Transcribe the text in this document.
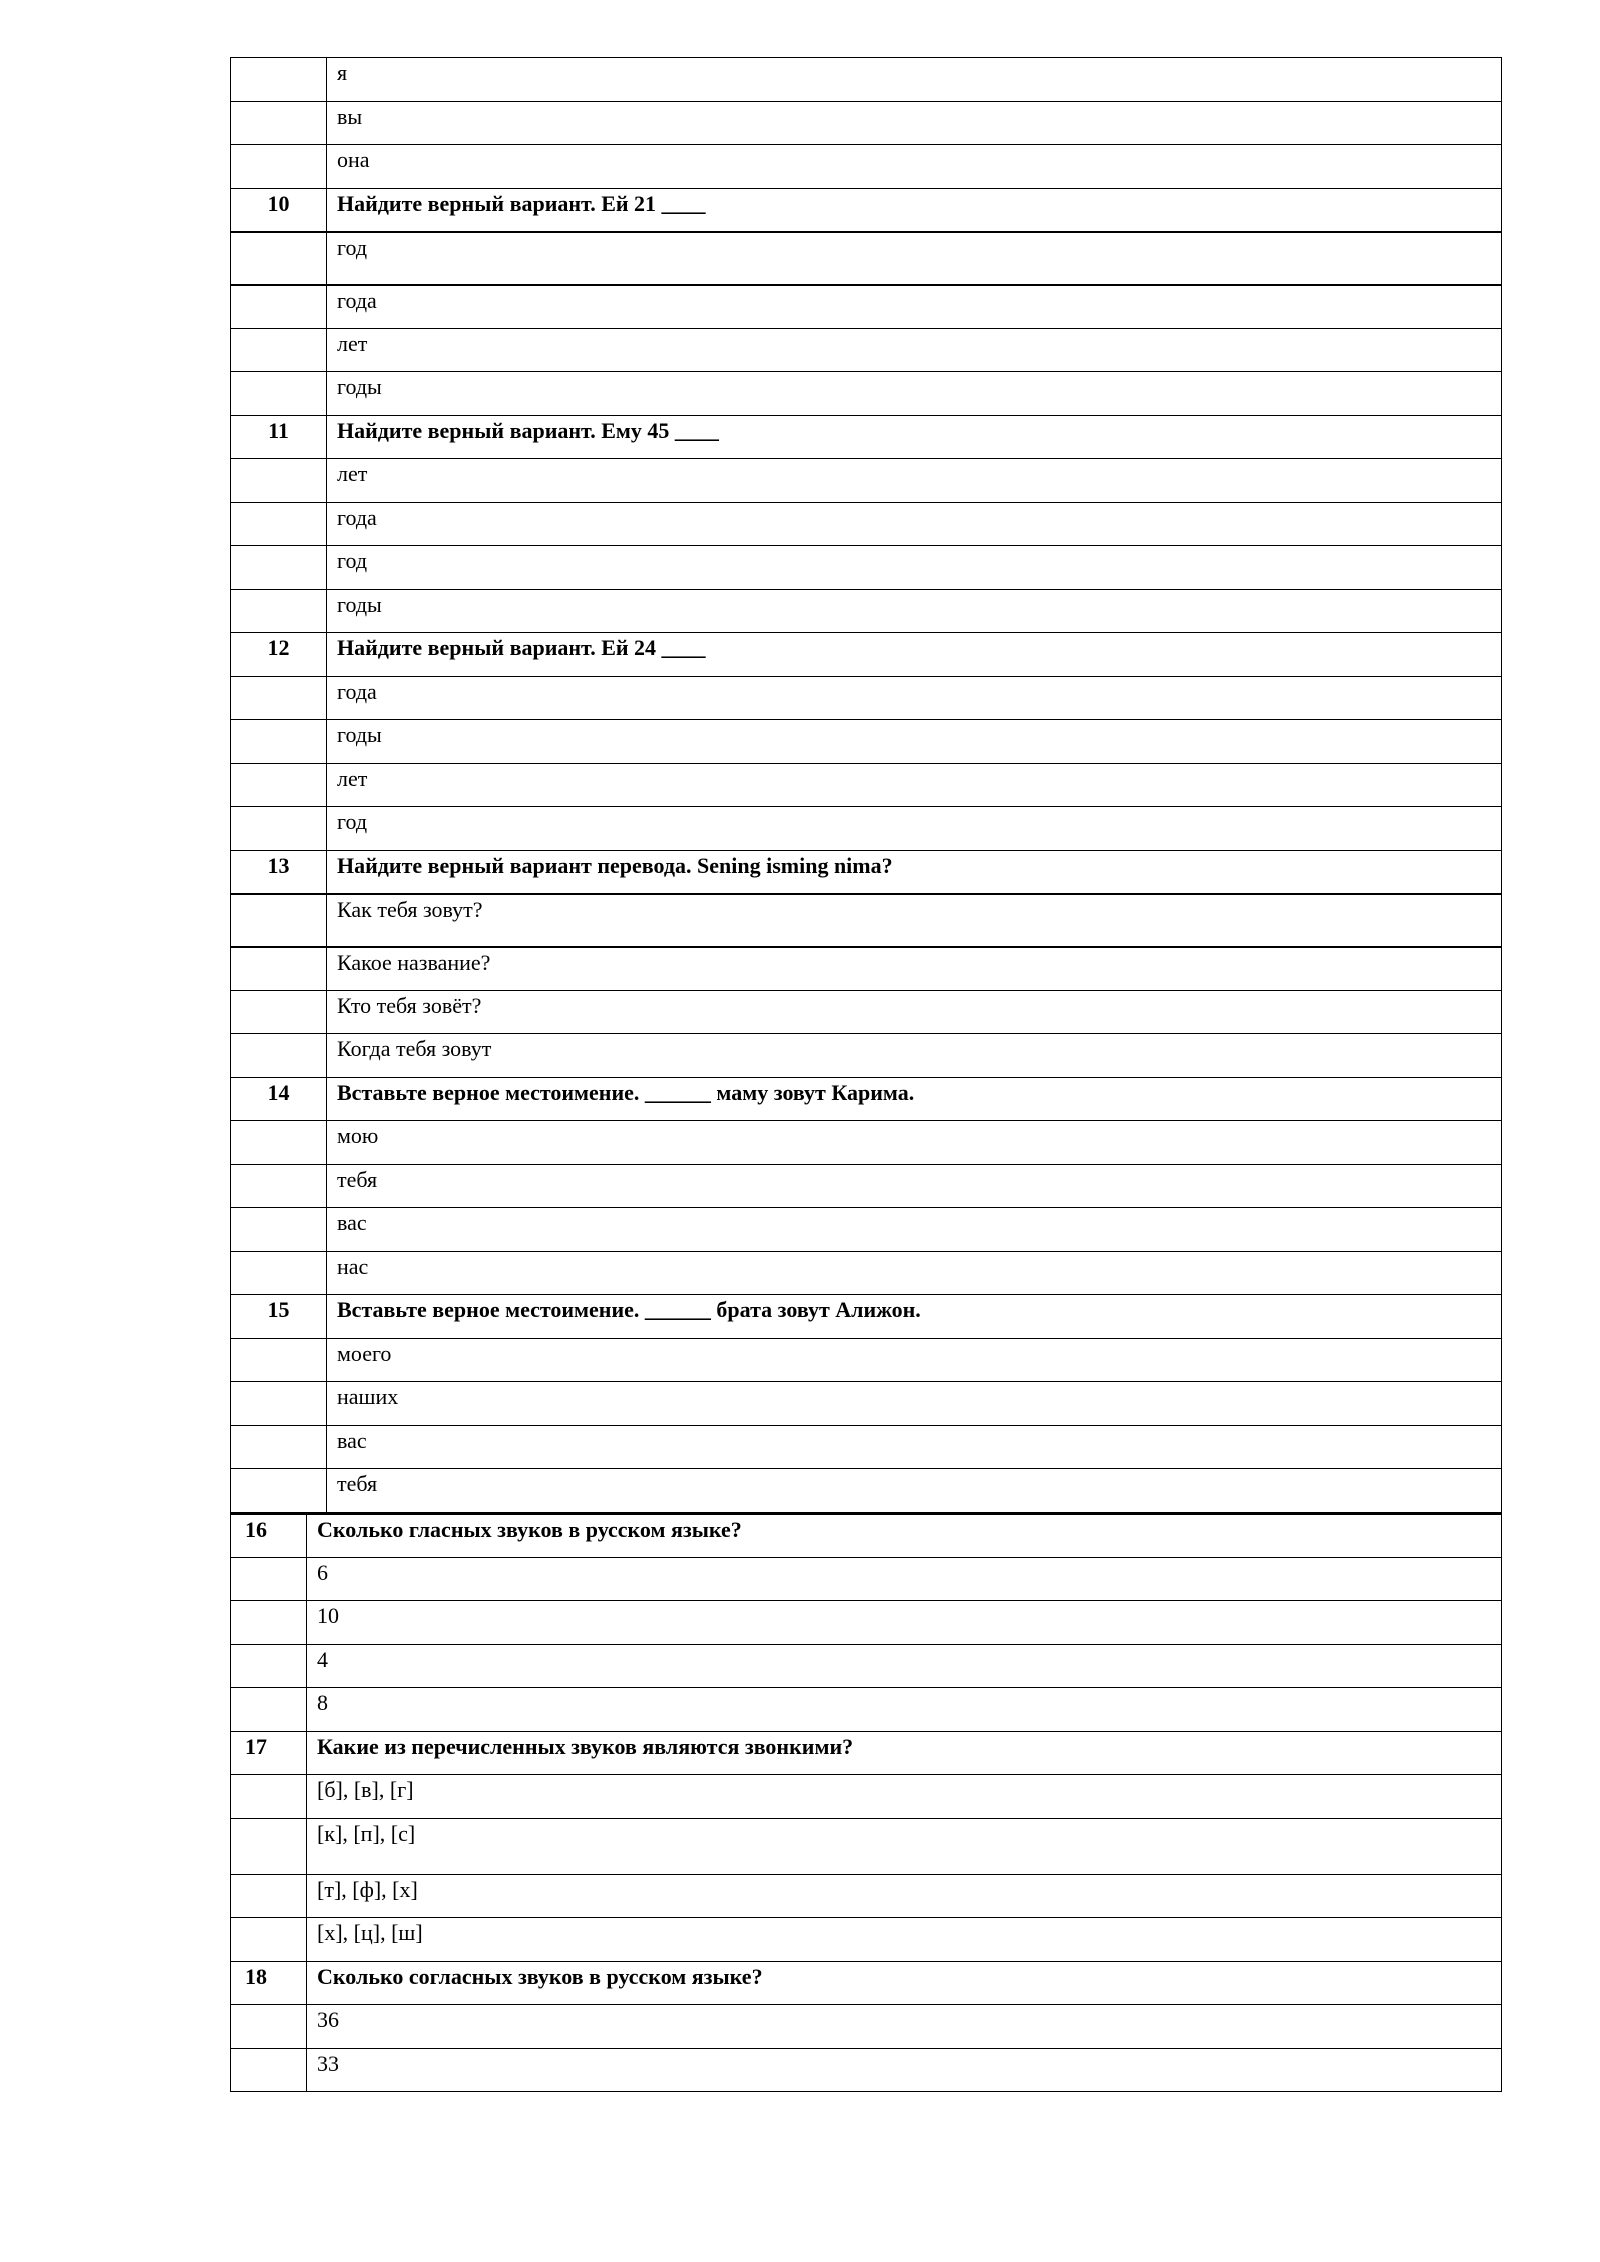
	я
	вы
	она
10	Найдите верный вариант. Ей 21 ____
	год
	года
	лет
	годы
11	Найдите верный вариант. Ему 45 ____
	лет
	года
	год
	годы
12	Найдите верный вариант. Ей 24 ____
	года
	годы
	лет
	год
13	Найдите верный вариант перевода. Sening isming nima?
	Как тебя зовут?
	Какое название?
	Кто тебя зовёт?
	Когда тебя зовут
14	Вставьте верное местоимение. ______ маму зовут Карима.
	мою
	тебя
	вас
	нас
15	Вставьте верное местоимение. ______ брата зовут Алижон.
	моего
	наших
	вас
	тебя
16	Сколько гласных звуков в русском языке?
	6
	10
	4
	8
17	Какие из перечисленных звуков являются звонкими?
	[б], [в], [г]
	[к], [п], [с]
	[т], [ф], [х]
	[х], [ц], [ш]
18	Сколько согласных звуков в русском языке?
	36
	33
